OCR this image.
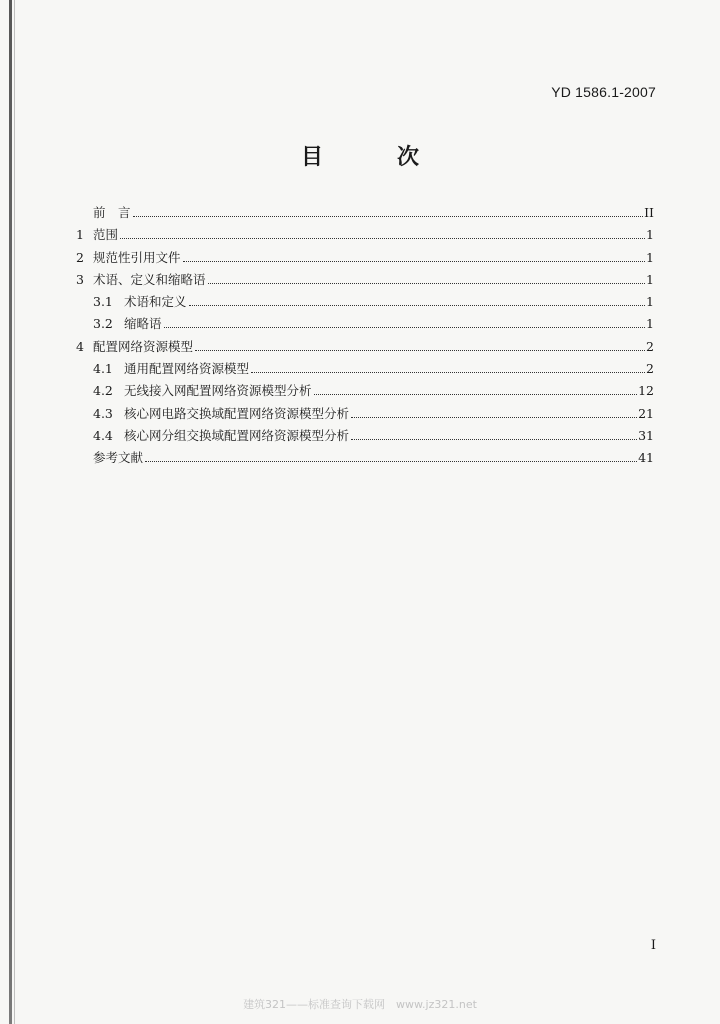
YD 1586.1-2007
目　次
前　言	II
1 范围	1
2 规范性引用文件	1
3 术语、定义和缩略语	1
3.1 术语和定义	1
3.2 缩略语	1
4 配置网络资源模型	2
4.1 通用配置网络资源模型	2
4.2 无线接入网配置网络资源模型分析	12
4.3 核心网电路交换域配置网络资源模型分析	21
4.4 核心网分组交换域配置网络资源模型分析	31
参考文献	41
I
建筑321——标准查询下载网　www.jz321.net
